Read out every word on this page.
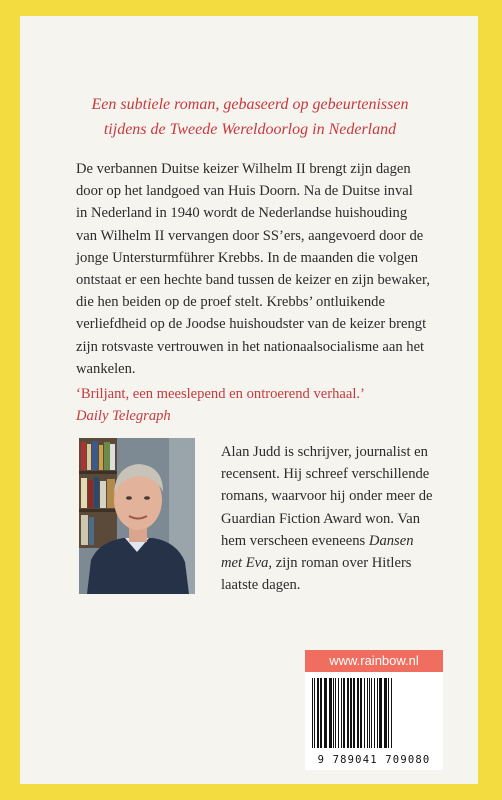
Een subtiele roman, gebaseerd op gebeurtenissen
tijdens de Tweede Wereldoorlog in Nederland
De verbannen Duitse keizer Wilhelm II brengt zijn dagen
door op het landgoed van Huis Doorn. Na de Duitse inval
in Nederland in 1940 wordt de Nederlandse huishouding
van Wilhelm II vervangen door SS’ers, aangevoerd door de
jonge Untersturmführer Krebbs. In de maanden die volgen
ontstaat er een hechte band tussen de keizer en zijn bewaker,
die hen beiden op de proef stelt. Krebbs’ ontluikende
verliefdheid op de Joodse huishoudster van de keizer brengt
zijn rotsvaste vertrouwen in het nationaalsocialisme aan het
wankelen.
‘Briljant, een meeslepend en ontroerend verhaal.’
Daily Telegraph
Alan Judd is schrijver, journalist en
recensent. Hij schreef verschillende
romans, waarvoor hij onder meer de
Guardian Fiction Award won. Van
hem verscheen eveneens Dansen
met Eva, zijn roman over Hitlers
laatste dagen.
www.rainbow.nl
9 789041 709080
